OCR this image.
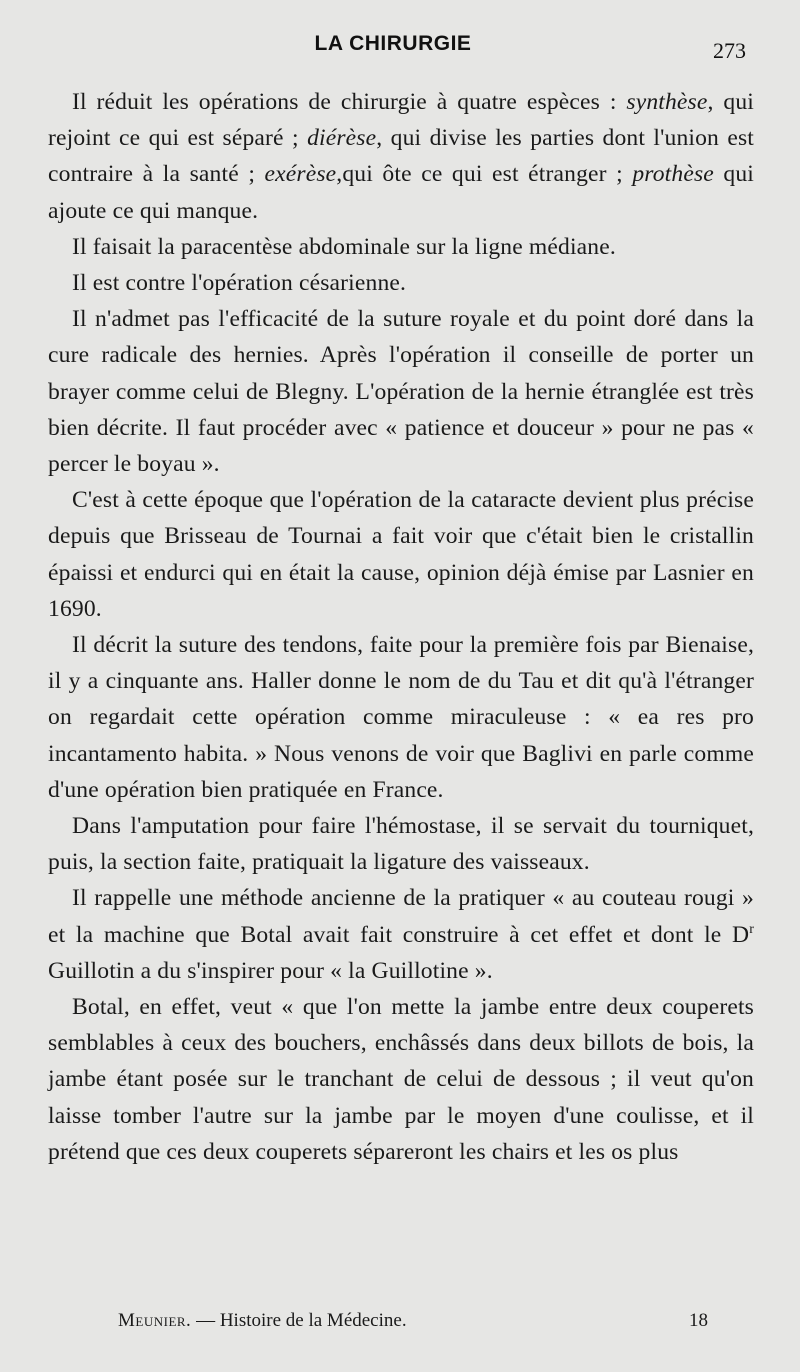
LA CHIRURGIE	273

Il réduit les opérations de chirurgie à quatre espèces : synthèse, qui rejoint ce qui est séparé ; diérèse, qui divise les parties dont l'union est contraire à la santé ; exérèse,qui ôte ce qui est étranger ; prothèse qui ajoute ce qui manque.

Il faisait la paracentèse abdominale sur la ligne médiane.

Il est contre l'opération césarienne.

Il n'admet pas l'efficacité de la suture royale et du point doré dans la cure radicale des hernies. Après l'opération il conseille de porter un brayer comme celui de Blegny. L'opération de la hernie étranglée est très bien décrite. Il faut procéder avec « patience et douceur » pour ne pas « percer le boyau ».

C'est à cette époque que l'opération de la cataracte devient plus précise depuis que Brisseau de Tournai a fait voir que c'était bien le cristallin épaissi et endurci qui en était la cause, opinion déjà émise par Lasnier en 1690.

Il décrit la suture des tendons, faite pour la première fois par Bienaise, il y a cinquante ans. Haller donne le nom de du Tau et dit qu'à l'étranger on regardait cette opération comme miraculeuse : « ea res pro incantamento habita. » Nous venons de voir que Baglivi en parle comme d'une opération bien pratiquée en France.

Dans l'amputation pour faire l'hémostase, il se servait du tourniquet, puis, la section faite, pratiquait la ligature des vaisseaux.

Il rappelle une méthode ancienne de la pratiquer « au couteau rougi » et la machine que Botal avait fait construire à cet effet et dont le $D^r$ Guillotin a du s'inspirer pour « la Guillotine ».

Botal, en effet, veut « que l'on mette la jambe entre deux couperets semblables à ceux des bouchers, enchâssés dans deux billots de bois, la jambe étant posée sur le tranchant de celui de dessous ; il veut qu'on laisse tomber l'autre sur la jambe par le moyen d'une coulisse, et il prétend que ces deux couperets sépareront les chairs et les os plus

Meunier. — Histoire de la Médecine.	18
